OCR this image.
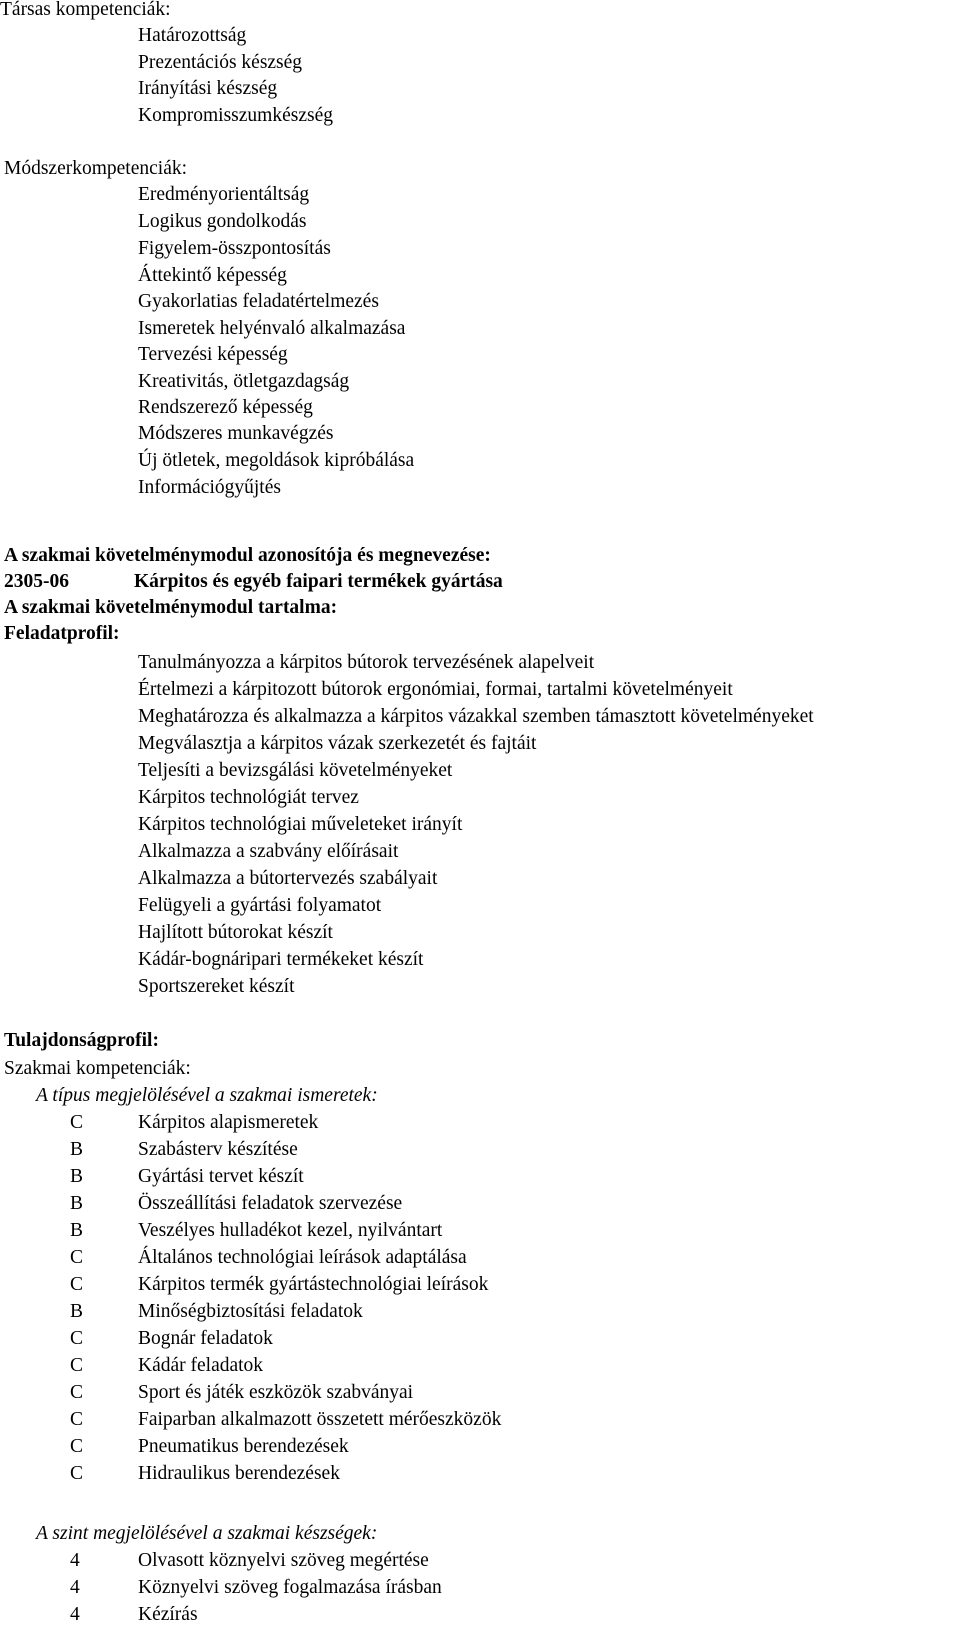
Társas kompetenciák:
Határozottság
Prezentációs készség
Irányítási készség
Kompromisszumkészség
Módszerkompetenciák:
Eredményorientáltság
Logikus gondolkodás
Figyelem-összpontosítás
Áttekintő képesség
Gyakorlatias feladatértelmezés
Ismeretek helyénvaló alkalmazása
Tervezési képesség
Kreativitás, ötletgazdagság
Rendszerező képesség
Módszeres munkavégzés
Új ötletek, megoldások kipróbálása
Információgyűjtés
A szakmai követelménymodul azonosítója és megnevezése:
2305-06	Kárpitos és egyéb faipari termékek gyártása
A szakmai követelménymodul tartalma:
Feladatprofil:
Tanulmányozza a kárpitos bútorok tervezésének alapelveit
Értelmezi a kárpitozott bútorok ergonómiai, formai, tartalmi követelményeit
Meghatározza és alkalmazza a kárpitos vázakkal szemben támasztott követelményeket
Megválasztja a kárpitos vázak szerkezetét és fajtáit
Teljesíti a bevizsgálási követelményeket
Kárpitos technológiát tervez
Kárpitos technológiai műveleteket irányít
Alkalmazza a szabvány előírásait
Alkalmazza a bútortervezés szabályait
Felügyeli a gyártási folyamatot
Hajlított bútorokat készít
Kádár-bognáripari termékeket készít
Sportszereket készít
Tulajdonságprofil:
Szakmai kompetenciák:
A típus megjelölésével a szakmai ismeretek:
C	Kárpitos alapismeretek
B	Szabásterv készítése
B	Gyártási tervet készít
B	Összeállítási feladatok szervezése
B	Veszélyes hulladékot kezel, nyilvántart
C	Általános technológiai leírások adaptálása
C	Kárpitos termék gyártástechnológiai leírások
B	Minőségbiztosítási feladatok
C	Bognár feladatok
C	Kádár feladatok
C	Sport és játék eszközök szabványai
C	Faiparban alkalmazott összetett mérőeszközök
C	Pneumatikus berendezések
C	Hidraulikus berendezések
A szint megjelölésével a szakmai készségek:
4	Olvasott köznyelvi szöveg megértése
4	Köznyelvi szöveg fogalmazása írásban
4	Kézírás
